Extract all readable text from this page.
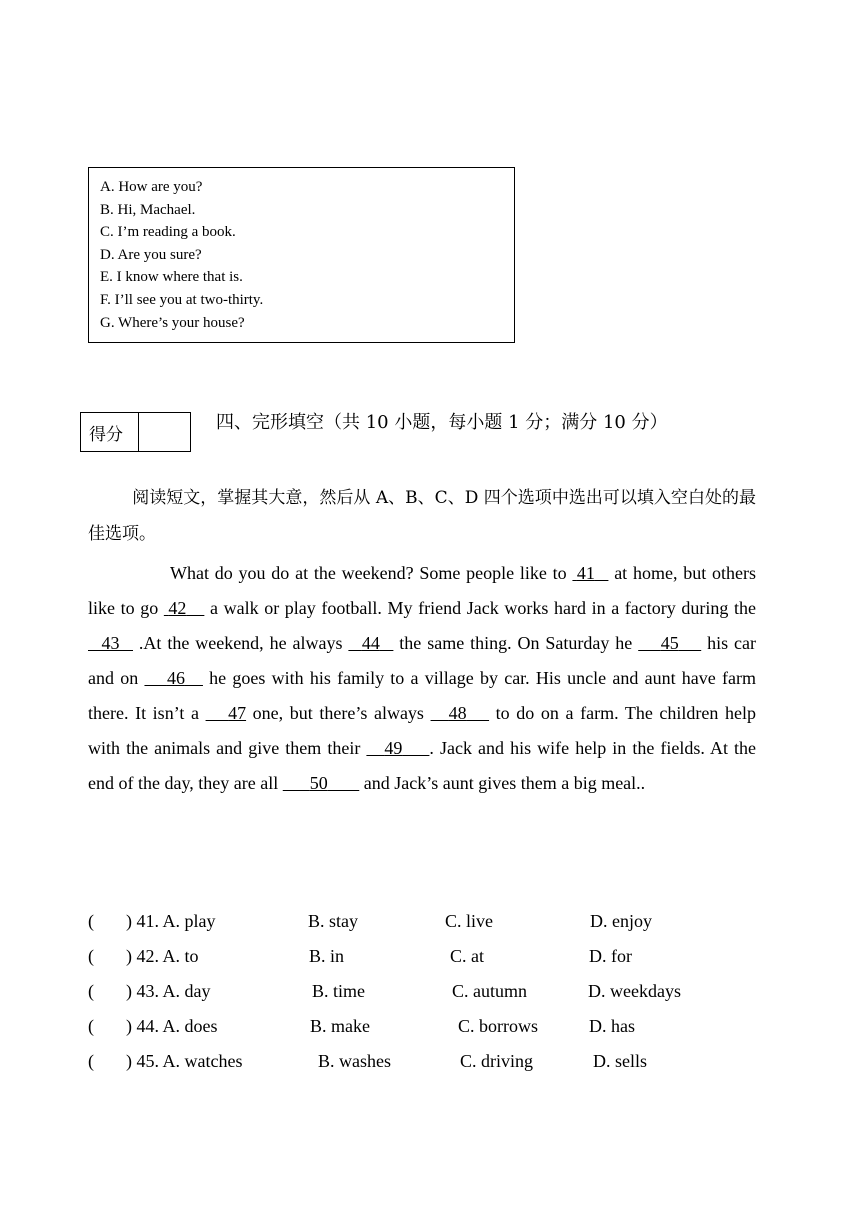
A. How are you?
B. Hi, Machael.
C. I’m reading a book.
D. Are you sure?
E. I know where that is.
F. I’ll see you at two-thirty.
G. Where’s your house?
得分	
四、完形填空（共 10 小题，每小题 1 分；满分 10 分）
阅读短文，掌握其大意，然后从 A、B、C、D 四个选项中选出可以填入空白处的最佳选项。
What do you do at the weekend? Some people like to  41    at home, but others like to go  42     a walk or play football. My friend Jack works hard in a factory during the    43    .At the weekend, he always    44    the same thing. On Saturday he      45      his car and on      46     he goes with his family to a village by car. His uncle and aunt have farm there. It isn’t a      47 one, but there’s always     48      to do on a farm. The children help with the animals and give them their     49 . Jack and his wife help in the fields. At the end of the day, they are all       50        and Jack’s aunt gives them a big meal..
( ) 41. A. play	B. stay	C. live	D. enjoy
( ) 42. A. to	B. in	C. at	D. for
( ) 43. A. day	B. time	C. autumn	D. weekdays
( ) 44. A. does	B. make	C. borrows	D. has
( ) 45. A. watches	B. washes	C. driving	D. sells
